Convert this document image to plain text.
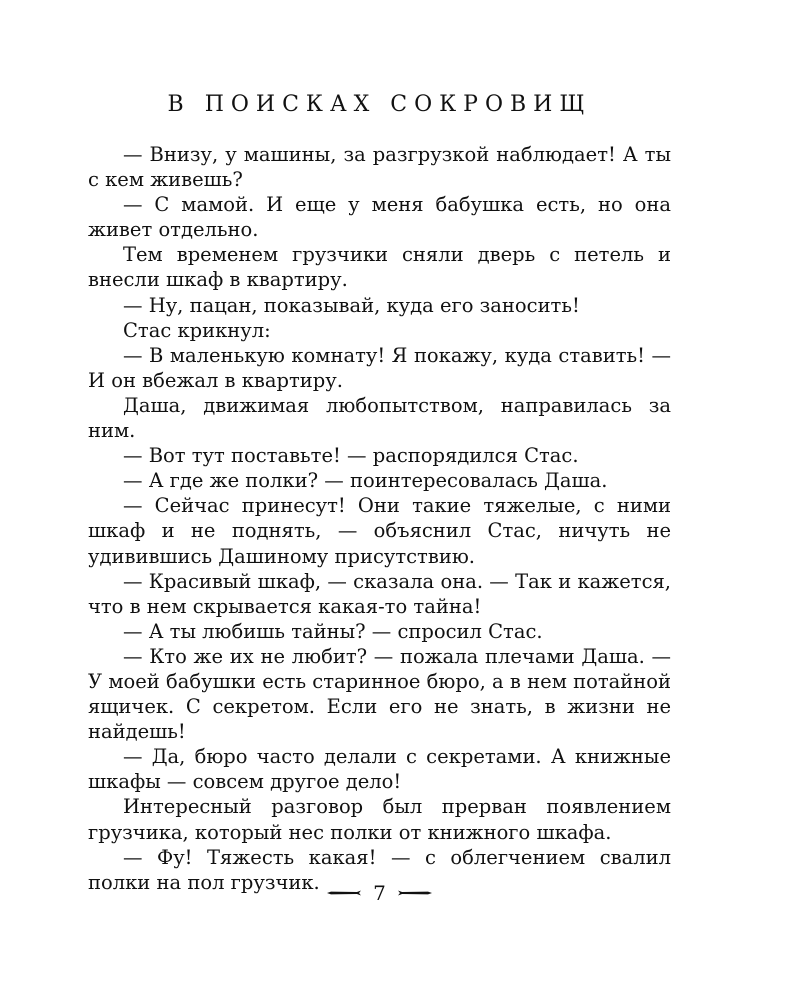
В ПОИСКАХ СОКРОВИЩ

— Внизу, у машины, за разгрузкой наблюдает! А ты с кем живешь?

— С мамой. И еще у меня бабушка есть, но она живет отдельно.

Тем временем грузчики сняли дверь с петель и внесли шкаф в квартиру.

— Ну, пацан, показывай, куда его заносить!

Стас крикнул:

— В маленькую комнату! Я покажу, куда ставить! — И он вбежал в квартиру.

Даша, движимая любопытством, направилась за ним.

— Вот тут поставьте! — распорядился Стас.

— А где же полки? — поинтересовалась Даша.

— Сейчас принесут! Они такие тяжелые, с ними шкаф и не поднять, — объяснил Стас, ничуть не удивившись Дашиному присутствию.

— Красивый шкаф, — сказала она. — Так и кажется, что в нем скрывается какая-то тайна!

— А ты любишь тайны? — спросил Стас.

— Кто же их не любит? — пожала плечами Даша. — У моей бабушки есть старинное бюро, а в нем потайной ящичек. С секретом. Если его не знать, в жизни не найдешь!

— Да, бюро часто делали с секретами. А книжные шкафы — совсем другое дело!

Интересный разговор был прерван появлением грузчика, который нес полки от книжного шкафа.

— Фу! Тяжесть какая! — с облегчением свалил полки на пол грузчик.	7
